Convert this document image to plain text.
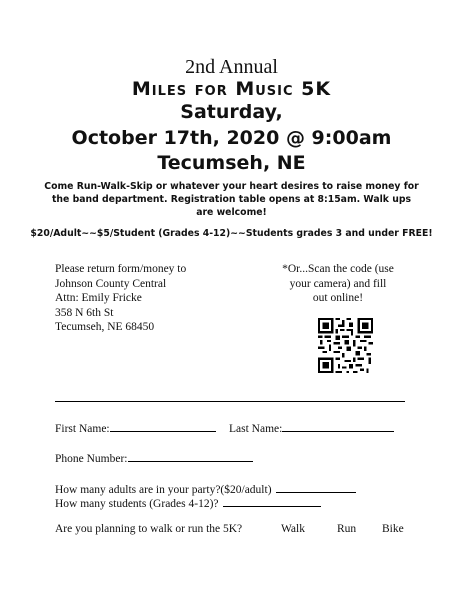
2nd Annual
Miles for Music 5K
Saturday,
October 17th, 2020 @ 9:00am
Tecumseh, NE
Come Run-Walk-Skip or whatever your heart desires to raise money for the band department. Registration table opens at 8:15am. Walk ups are welcome!
$20/Adult~~$5/Student (Grades 4-12)~~Students grades 3 and under FREE!
Please return form/money to
Johnson County Central
Attn: Emily Fricke
358 N 6th St
Tecumseh, NE 68450
*Or...Scan the code (use
your camera) and fill
out online!
First Name:	Last Name:
Phone Number:
How many adults are in your party?($20/adult)
How many students (Grades 4-12)?
Are you planning to walk or run the 5K?	Walk	Run Bike
